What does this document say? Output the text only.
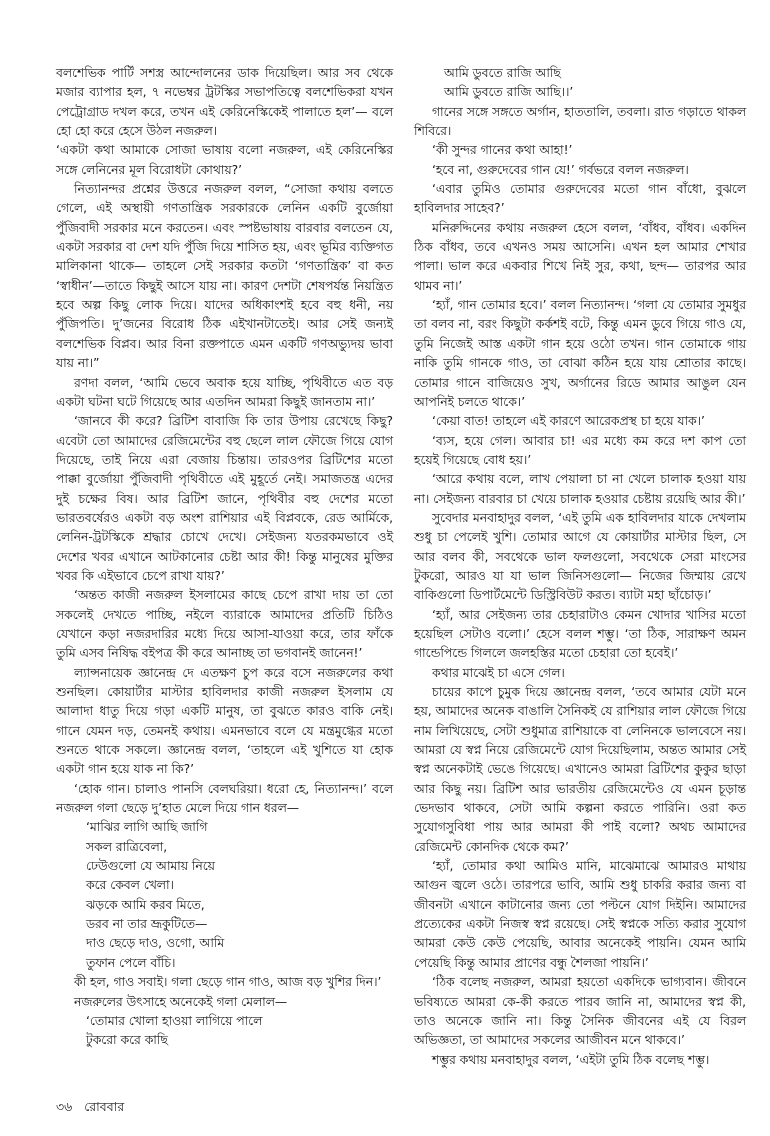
বলশেভিক পার্টি সশস্ত্র আন্দোলনের ডাক দিয়েছিল। আর সব থেকে মজার ব্যাপার হল, ৭ নভেম্বর ট্রটস্কির সভাপতিত্বে বলশেভিকরা যখন পেট্রোগ্রাড দখল করে, তখন এই কেরিনেস্কিকেই পালাতে হল’— বলে হো হো করে হেসে উঠল নজরুল।

‘একটা কথা আমাকে সোজা ভাষায় বলো নজরুল, এই কেরিনেস্কির সঙ্গে লেনিনের মূল বিরোধটা কোথায়?’

নিত্যানন্দর প্রশ্নের উত্তরে নজরুল বলল, “সোজা কথায় বলতে গেলে, এই অস্থায়ী গণতান্ত্রিক সরকারকে লেনিন একটি বুর্জোয়া পুঁজিবাদী সরকার মনে করতেন। এবং স্পষ্টভাষায় বারবার বলতেন যে, একটা সরকার বা দেশ যদি পুঁজি দিয়ে শাসিত হয়, এবং ভূমির ব্যক্তিগত মালিকানা থাকে— তাহলে সেই সরকার কতটা ‘গণতান্ত্রিক’ বা কত ‘স্বাধীন’—তাতে কিছুই আসে যায় না। কারণ দেশটা শেষপর্যন্ত নিয়ন্ত্রিত হবে অল্প কিছু লোক দিয়ে। যাদের অধিকাংশই হবে বহু ধনী, নয় পুঁজিপতি। দু’জনের বিরোধ ঠিক এইখানটাতেই। আর সেই জন্যই বলশেভিক বিপ্লব। আর বিনা রক্তপাতে এমন একটি গণঅভ্যুদয় ভাবা যায় না।”

রণদা বলল, ‘আমি ভেবে অবাক হয়ে যাচ্ছি, পৃথিবীতে এত বড় একটা ঘটনা ঘটে গিয়েছে আর এতদিন আমরা কিছুই জানতাম না।’

‘জানবে কী করে? ব্রিটিশ বাবাজি কি তার উপায় রেখেছে কিছু? এবেটা তো আমাদের রেজিমেন্টের বহু ছেলে লাল ফৌজে গিয়ে যোগ দিয়েছে, তাই নিয়ে এরা বেজায় চিন্তায়। তারওপর ব্রিটিশের মতো পাক্কা বুর্জোয়া পুঁজিবাদী পৃথিবীতে এই মুহূর্তে নেই। সমাজতন্ত্র এদের দুই চক্ষের বিষ। আর ব্রিটিশ জানে, পৃথিবীর বহু দেশের মতো ভারতবর্ষেরও একটা বড় অংশ রাশিয়ার এই বিপ্লবকে, রেড আর্মিকে, লেনিন-ট্রটস্কিকে শ্রদ্ধার চোখে দেখে। সেইজন্য যতরকমভাবে ওই দেশের খবর এখানে আটকানোর চেষ্টা আর কী! কিন্তু মানুষের মুক্তির খবর কি এইভাবে চেপে রাখা যায়?’

‘অন্তত কাজী নজরুল ইসলামের কাছে চেপে রাখা দায় তা তো সকলেই দেখতে পাচ্ছি, নইলে ব্যারাকে আমাদের প্রতিটি চিঠিও যেখানে কড়া নজরদারির মধ্যে দিয়ে আসা-যাওয়া করে, তার ফাঁকে তুমি এসব নিষিদ্ধ বইপত্র কী করে আনাচ্ছ তা ভগবানই জানেন!’

ল্যান্সনায়েক জ্ঞানেন্দ্র দে এতক্ষণ চুপ করে বসে নজরুলের কথা শুনছিল। কোয়ার্টার মাস্টার হাবিলদার কাজী নজরুল ইসলাম যে আলাদা ধাতু দিয়ে গড়া একটি মানুষ, তা বুঝতে কারও বাকি নেই। গানে যেমন দড়, তেমনই কথায়। এমনভাবে বলে যে মন্ত্রমুগ্ধের মতো শুনতে থাকে সকলে। জ্ঞানেন্দ্র বলল, ‘তাহলে এই খুশিতে যা হোক একটা গান হয়ে যাক না কি?’

‘হোক গান। চালাও পানসি বেলঘরিয়া। ধরো হে, নিত্যানন্দ।’ বলে নজরুল গলা ছেড়ে দু’হাত মেলে দিয়ে গান ধরল—

‘মাঝির লাগি আছি জাগি

সকল রাত্রিবেলা,

ঢেউগুলো যে আমায় নিয়ে

করে কেবল খেলা।

ঝড়কে আমি করব মিতে,

ডরব না তার ভ্রূকুটিতে—

দাও ছেড়ে দাও, ওগো, আমি

তুফান পেলে বাঁচি।

কী হল, গাও সবাই। গলা ছেড়ে গান গাও, আজ বড় খুশির দিন।’

নজরুলের উৎসাহে অনেকেই গলা মেলাল—

‘তোমার খোলা হাওয়া লাগিয়ে পালে

টুকরো করে কাছি

আমি ডুবতে রাজি আছি

আমি ডুবতে রাজি আছি।।’

গানের সঙ্গে সঙ্গতে অর্গান, হাততালি, তবলা। রাত গড়াতে থাকল শিবিরে।

‘কী সুন্দর গানের কথা আহা!’

‘হবে না, গুরুদেবের গান যে!’ গর্বভরে বলল নজরুল।

‘এবার তুমিও তোমার গুরুদেবের মতো গান বাঁধো, বুঝলে হাবিলদার সাহেব?’

মনিরুদ্দিনের কথায় নজরুল হেসে বলল, ‘বাঁধব, বাঁধব। একদিন ঠিক বাঁধব, তবে এখনও সময় আসেনি। এখন হল আমার শেখার পালা। ভাল করে একবার শিখে নিই সুর, কথা, ছন্দ— তারপর আর থামব না।’

‘হ্যাঁ, গান তোমার হবে।’ বলল নিত্যানন্দ। ‘গলা যে তোমার সুমধুর তা বলব না, বরং কিছুটা কর্কশই বটে, কিন্তু এমন ডুবে গিয়ে গাও যে, তুমি নিজেই আস্ত একটা গান হয়ে ওঠো তখন। গান তোমাকে গায় নাকি তুমি গানকে গাও, তা বোঝা কঠিন হয়ে যায় শ্রোতার কাছে। তোমার গানে বাজিয়েও সুখ, অর্গানের রিডে আমার আঙুল যেন আপনিই চলতে থাকে।’

‘কেয়া বাত! তাহলে এই কারণে আরেকপ্রস্থ চা হয়ে যাক।’

‘ব্যস, হয়ে গেল। আবার চা! এর মধ্যে কম করে দশ কাপ তো হয়েই গিয়েছে বোধ হয়।’

‘আরে কথায় বলে, লাখ পেয়ালা চা না খেলে চালাক হওয়া যায় না। সেইজন্য বারবার চা খেয়ে চালাক হওয়ার চেষ্টায় রয়েছি আর কী।’

সুবেদার মনবাহাদুর বলল, ‘এই তুমি এক হাবিলদার যাকে দেখলাম শুধু চা পেলেই খুশি। তোমার আগে যে কোয়ার্টার মাস্টার ছিল, সে আর বলব কী, সবথেকে ভাল ফলগুলো, সবথেকে সেরা মাংসের টুকরো, আরও যা যা ভাল জিনিসগুলো— নিজের জিম্মায় রেখে বাকিগুলো ডিপার্টমেন্টে ডিস্ট্রিবিউট করত। ব্যাটা মহা ছাঁচোড়।’

‘হ্যাঁ, আর সেইজন্য তার চেহারাটাও কেমন খোদার খাসির মতো হয়েছিল সেটাও বলো।’ হেসে বলল শম্ভু। ‘তা ঠিক, সারাক্ষণ অমন গান্ডেপিন্ডে গিললে জলহস্তির মতো চেহারা তো হবেই।’

কথার মাঝেই চা এসে গেল।

চায়ের কাপে চুমুক দিয়ে জ্ঞানেন্দ্র বলল, ‘তবে আমার যেটা মনে হয়, আমাদের অনেক বাঙালি সৈনিকই যে রাশিয়ার লাল ফৌজে গিয়ে নাম লিখিয়েছে, সেটা শুধুমাত্র রাশিয়াকে বা লেনিনকে ভালবেসে নয়। আমরা যে স্বপ্ন নিয়ে রেজিমেন্টে যোগ দিয়েছিলাম, অন্তত আমার সেই স্বপ্ন অনেকটাই ভেঙে গিয়েছে। এখানেও আমরা ব্রিটিশের কুকুর ছাড়া আর কিছু নয়। ব্রিটিশ আর ভারতীয় রেজিমেন্টেও যে এমন চূড়ান্ত ভেদভাব থাকবে, সেটা আমি কল্পনা করতে পারিনি। ওরা কত সুযোগসুবিধা পায় আর আমরা কী পাই বলো? অথচ আমাদের রেজিমেন্ট কোনদিক থেকে কম?’

‘হ্যাঁ, তোমার কথা আমিও মানি, মাঝেমাঝে আমারও মাথায় আগুন জ্বলে ওঠে। তারপরে ভাবি, আমি শুধু চাকরি করার জন্য বা জীবনটা এখানে কাটানোর জন্য তো পল্টনে যোগ দিইনি। আমাদের প্রত্যেকের একটা নিজস্ব স্বপ্ন রয়েছে। সেই স্বপ্নকে সত্যি করার সুযোগ আমরা কেউ কেউ পেয়েছি, আবার অনেকেই পায়নি। যেমন আমি পেয়েছি কিন্তু আমার প্রাণের বন্ধু শৈলজা পায়নি।’

‘ঠিক বলেছ নজরুল, আমরা হয়তো একদিকে ভাগ্যবান। জীবনে ভবিষ্যতে আমরা কে-কী করতে পারব জানি না, আমাদের স্বপ্ন কী, তাও অনেকে জানি না। কিন্তু সৈনিক জীবনের এই যে বিরল অভিজ্ঞতা, তা আমাদের সকলের আজীবন মনে থাকবে।’

শম্ভুর কথায় মনবাহাদুর বলল, ‘এইটা তুমি ঠিক বলেছ শম্ভু।

৩৬ রোববার
